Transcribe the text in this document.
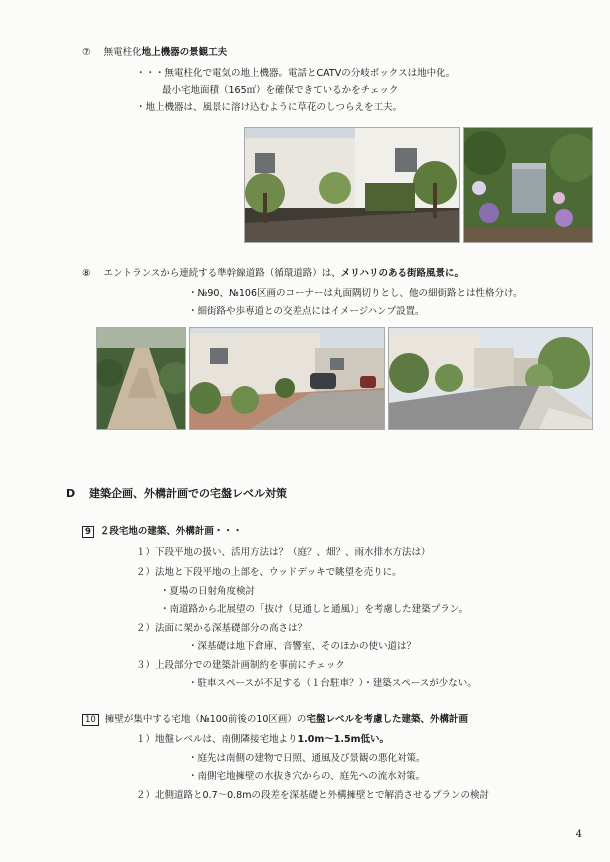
⑦ 無電柱化地上機器の景観工夫
・・・無電柱化で電気の地上機器。電話とCATVの分岐ボックスは地中化。
最小宅地面積（165㎡）を確保できているかをチェック
・地上機器は、風景に溶け込むように草花のしつらえを工夫。
⑧ エントランスから連続する準幹線道路（循環道路）は、メリハリのある街路風景に。
・№90、№106区画のコーナーは丸面隅切りとし、他の細街路とは性格分け。
・細街路や歩専道との交差点にはイメージハンプ設置。
D 建築企画、外構計画での宅盤レベル対策
9 ２段宅地の建築、外構計画・・・
１）下段平地の扱い、活用方法は？（庭？、畑？、雨水排水方法は）
２）法地と下段平地の上部を、ウッドデッキで眺望を売りに。
・夏場の日射角度検討
・南道路から北展望の「抜け（見通しと通風）」を考慮した建築プラン。
２）法面に架かる深基礎部分の高さは？
・深基礎は地下倉庫、音響室、そのほかの使い道は？
３）上段部分での建築計画制約を事前にチェック
・駐車スペースが不足する（１台駐車？）・建築スペースが少ない。
10 擁壁が集中する宅地（№100前後の10区画）の宅盤レベルを考慮した建築、外構計画
１）地盤レベルは、南側隣接宅地より1.0m〜1.5m低い。
・庭先は南側の建物で日照、通風及び景観の悪化対策。
・南側宅地擁壁の水抜き穴からの、庭先への流水対策。
２）北側道路と0.7〜0.8mの段差を深基礎と外構擁壁とで解消させるプランの検討
4
